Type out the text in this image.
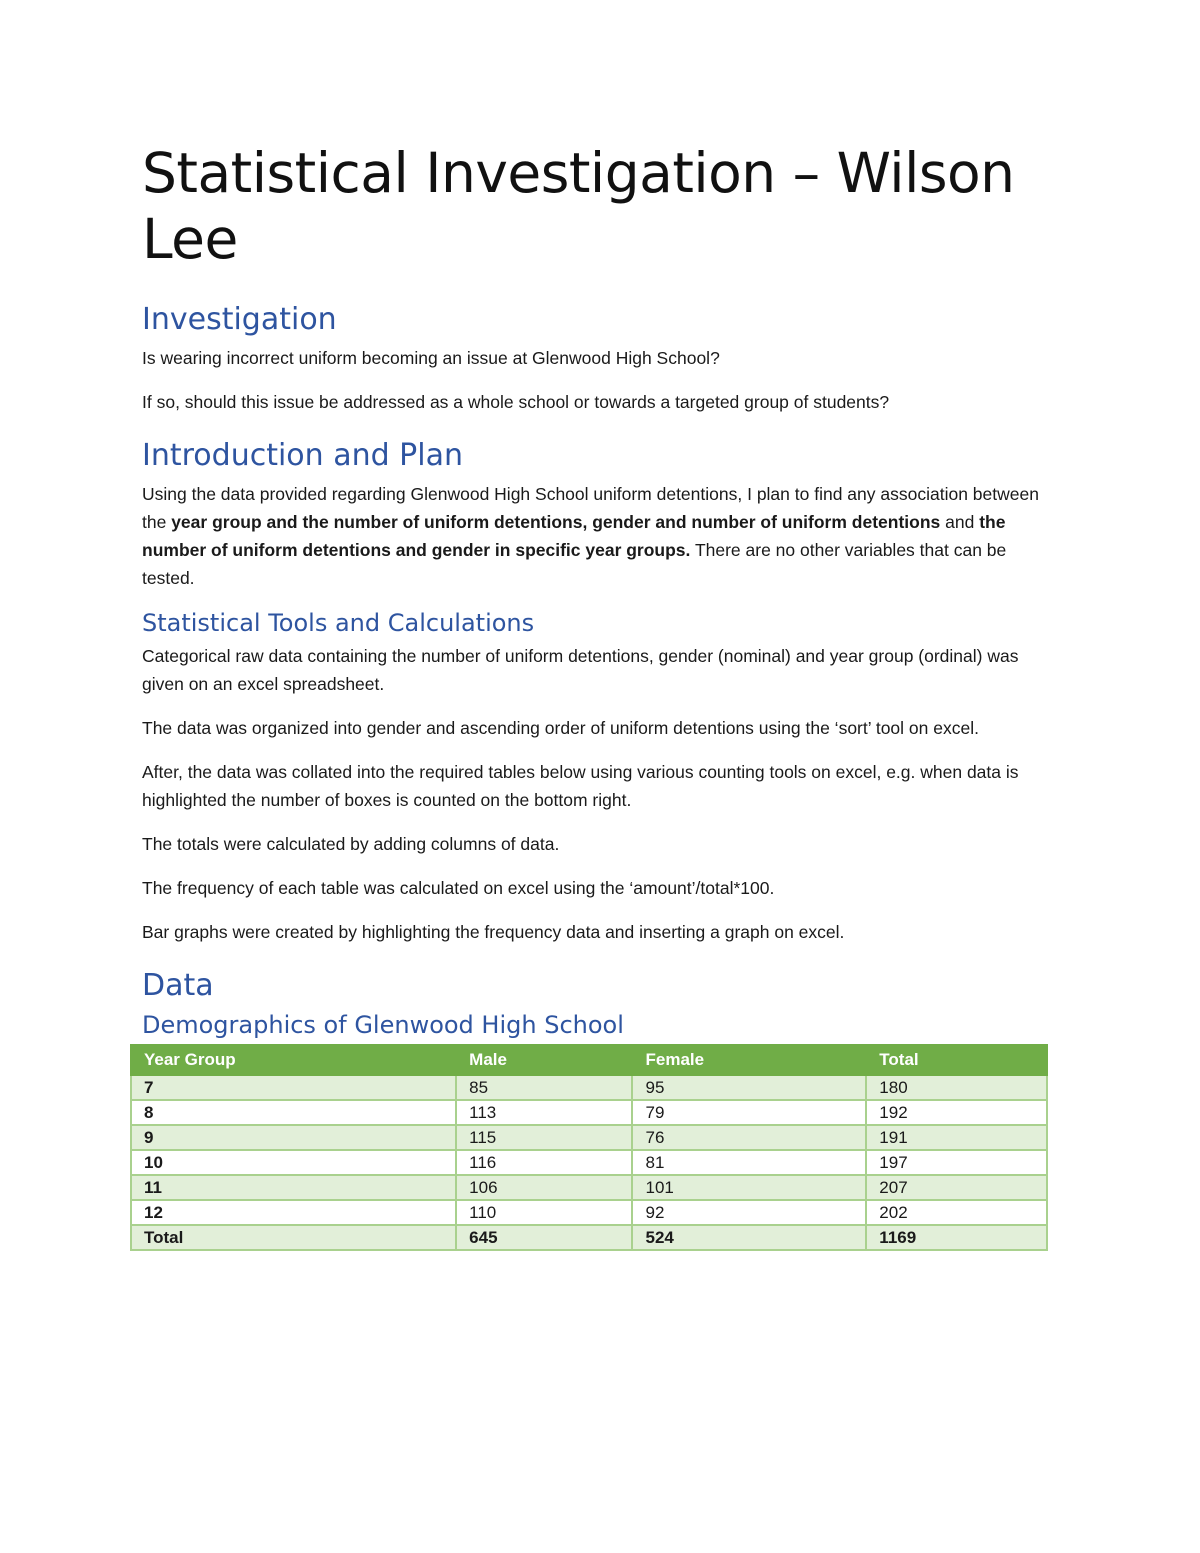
Statistical Investigation – Wilson Lee
Investigation

Is wearing incorrect uniform becoming an issue at Glenwood High School?

If so, should this issue be addressed as a whole school or towards a targeted group of students?

Introduction and Plan

Using the data provided regarding Glenwood High School uniform detentions, I plan to find any association between the year group and the number of uniform detentions, gender and number of uniform detentions and the number of uniform detentions and gender in specific year groups. There are no other variables that can be tested.

Statistical Tools and Calculations

Categorical raw data containing the number of uniform detentions, gender (nominal) and year group (ordinal) was given on an excel spreadsheet.

The data was organized into gender and ascending order of uniform detentions using the ‘sort’ tool on excel.

After, the data was collated into the required tables below using various counting tools on excel, e.g. when data is highlighted the number of boxes is counted on the bottom right.

The totals were calculated by adding columns of data.

The frequency of each table was calculated on excel using the ‘amount’/total*100.

Bar graphs were created by highlighting the frequency data and inserting a graph on excel.

Data
Demographics of Glenwood High School
Year Group	Male	Female	Total
7	85	95	180
8	113	79	192
9	115	76	191
10	116	81	197
11	106	101	207
12	110	92	202
Total	645	524	1169
